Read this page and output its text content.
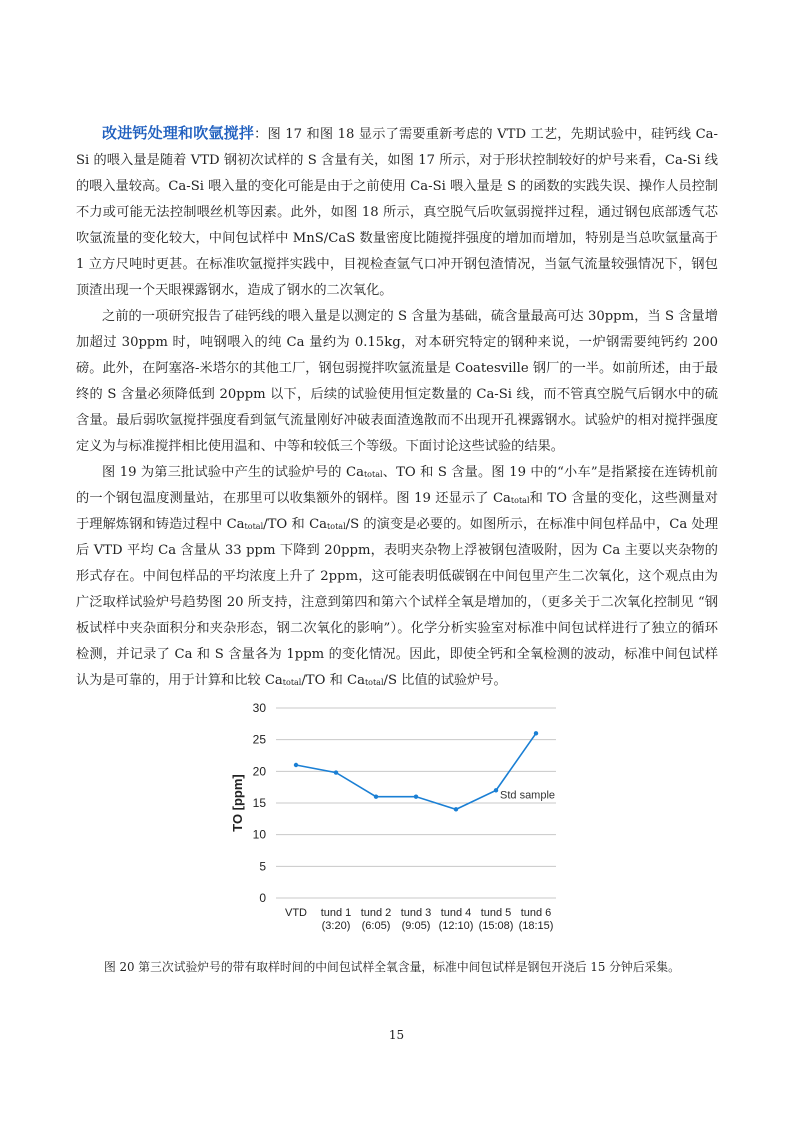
改进钙处理和吹氩搅拌：图 17 和图 18 显示了需要重新考虑的 VTD 工艺，先期试验中，硅钙线 Ca-Si 的喂入量是随着 VTD 钢初次试样的 S 含量有关，如图 17 所示，对于形状控制较好的炉号来看，Ca-Si 线的喂入量较高。Ca-Si 喂入量的变化可能是由于之前使用 Ca-Si 喂入量是 S 的函数的实践失误、操作人员控制不力或可能无法控制喂丝机等因素。此外，如图 18 所示，真空脱气后吹氩弱搅拌过程，通过钢包底部透气芯吹氩流量的变化较大，中间包试样中 MnS/CaS 数量密度比随搅拌强度的增加而增加，特别是当总吹氩量高于 1 立方尺吨时更甚。在标准吹氩搅拌实践中，目视检查氩气口冲开钢包渣情况，当氩气流量较强情况下，钢包顶渣出现一个天眼裸露钢水，造成了钢水的二次氧化。

之前的一项研究报告了硅钙线的喂入量是以测定的 S 含量为基础，硫含量最高可达 30ppm，当 S 含量增加超过 30ppm 时，吨钢喂入的纯 Ca 量约为 0.15kg，对本研究特定的钢种来说，一炉钢需要纯钙约 200 磅。此外，在阿塞洛-米塔尔的其他工厂，钢包弱搅拌吹氩流量是 Coatesville 钢厂的一半。如前所述，由于最终的 S 含量必须降低到 20ppm 以下，后续的试验使用恒定数量的 Ca-Si 线，而不管真空脱气后钢水中的硫含量。最后弱吹氩搅拌强度看到氩气流量刚好冲破表面渣逸散而不出现开孔裸露钢水。试验炉的相对搅拌强度定义为与标准搅拌相比使用温和、中等和较低三个等级。下面讨论这些试验的结果。

图 19 为第三批试验中产生的试验炉号的 $Ca_{total}$、TO 和 S 含量。图 19 中的“小车”是指紧接在连铸机前的一个钢包温度测量站，在那里可以收集额外的钢样。图 19 还显示了 $Ca_{total}$和 TO 含量的变化，这些测量对于理解炼钢和铸造过程中 $Ca_{total}/TO$ 和 $Ca_{total}/S$ 的演变是必要的。如图所示，在标准中间包样品中，Ca 处理后 VTD 平均 Ca 含量从 33 ppm 下降到 20ppm，表明夹杂物上浮被钢包渣吸附，因为 Ca 主要以夹杂物的形式存在。中间包样品的平均浓度上升了 2ppm，这可能表明低碳钢在中间包里产生二次氧化，这个观点由为广泛取样试验炉号趋势图 20 所支持，注意到第四和第六个试样全氧是增加的，（更多关于二次氧化控制见 “钢板试样中夹杂面积分和夹杂形态，钢二次氧化的影响”）。化学分析实验室对标准中间包试样进行了独立的循环检测，并记录了 Ca 和 S 含量各为 1ppm 的变化情况。因此，即使全钙和全氧检测的波动，标准中间包试样认为是可靠的，用于计算和比较 $Ca_{total}/TO$ 和 $Ca_{total}/S$ 比值的试验炉号。

0
5
10
15
20
25
30
TO [ppm]
VTD tund 1
(3:20)
tund 2
(6:05)
tund 3
(9:05)
tund 4
(12:10)
tund 5
(15:08)
tund 6
(18:15)
Std sample
图 20 第三次试验炉号的带有取样时间的中间包试样全氧含量，标准中间包试样是钢包开浇后 15 分钟后采集。
15
